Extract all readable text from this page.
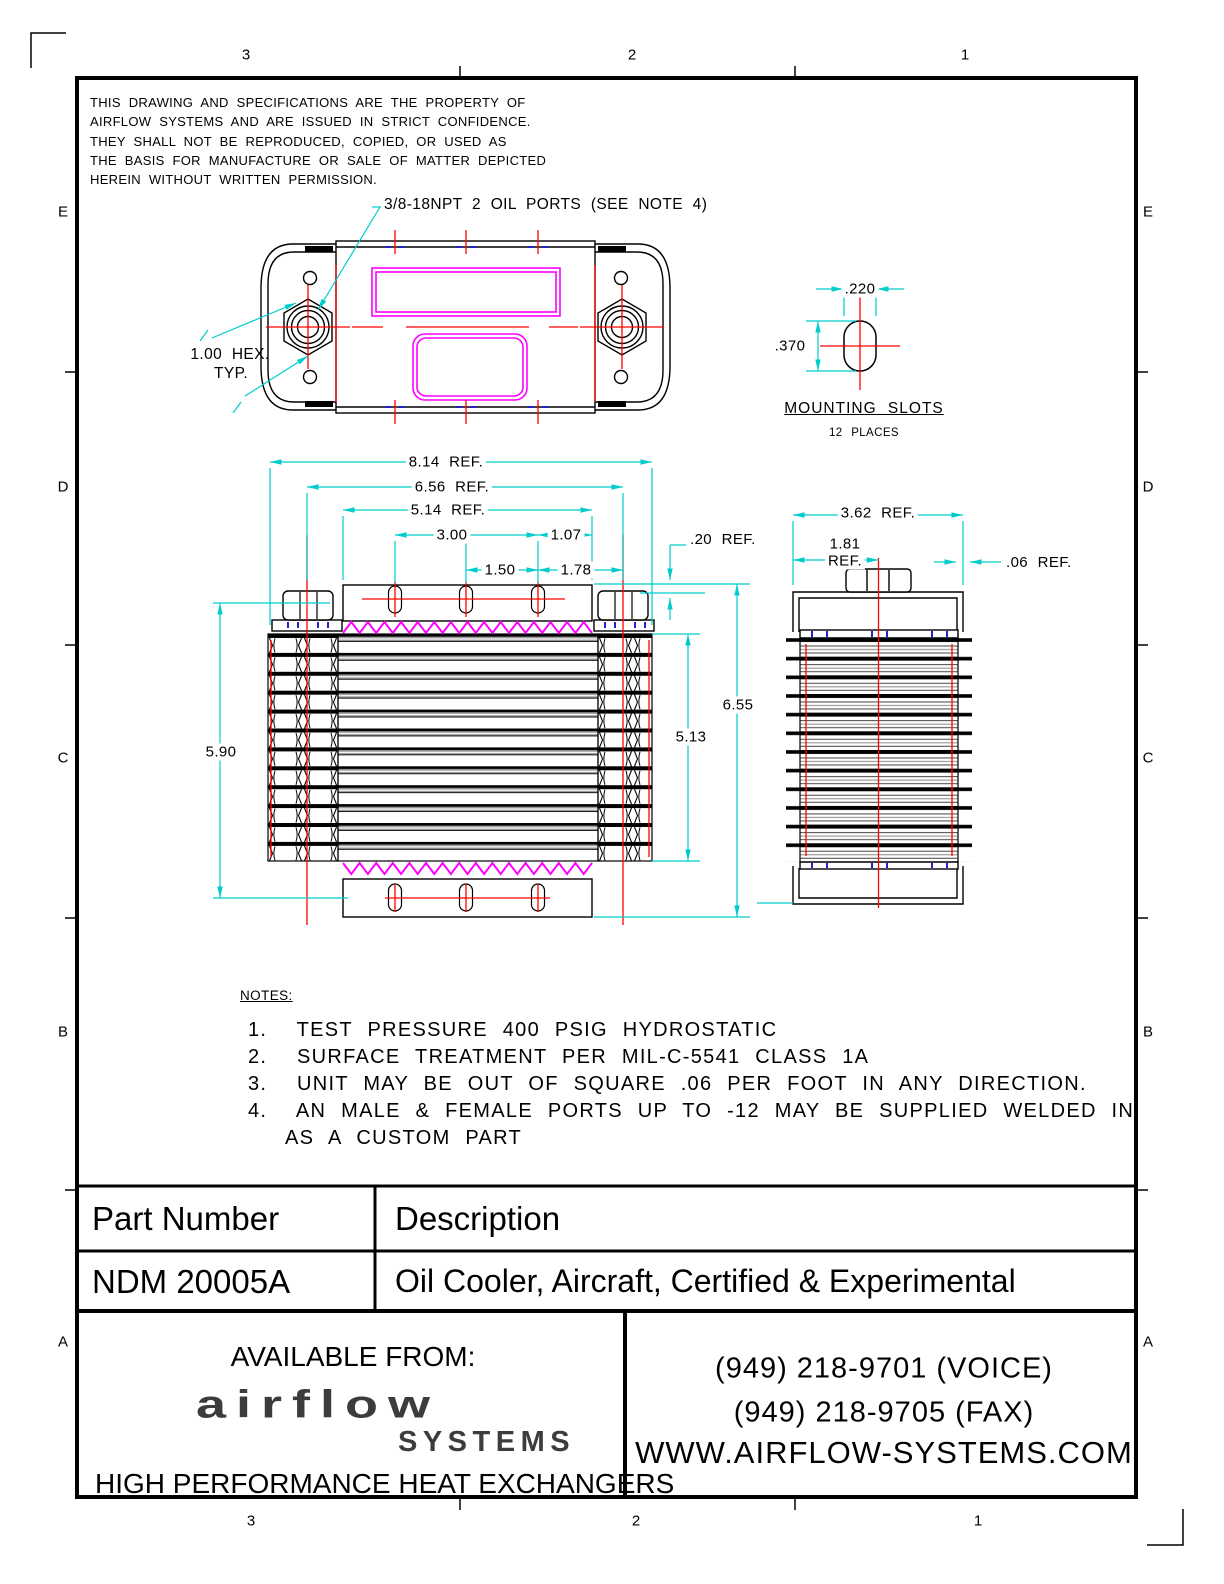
E
D
C
B
A
E
D
C
B
A
3	2	1
3	2	1
THIS DRAWING AND SPECIFICATIONS ARE THE PROPERTY OF
AIRFLOW SYSTEMS AND ARE ISSUED IN STRICT CONFIDENCE.
THEY SHALL NOT BE REPRODUCED, COPIED, OR USED AS
THE BASIS FOR MANUFACTURE OR SALE OF MATTER DEPICTED
HEREIN WITHOUT WRITTEN PERMISSION.
3/8-18NPT 2 OIL PORTS (SEE NOTE 4)
1.00 HEX.
TYP.
.220
.370
MOUNTING SLOTS
12 PLACES
8.14 REF.
6.56 REF.
5.14 REF.
3.00	1.07
1.50	1.78
.20 REF.
5.90
5.13
6.55
3.62 REF.
1.81
REF.	.06 REF.
NOTES:
1.  TEST PRESSURE 400 PSIG HYDROSTATIC
2.  SURFACE TREATMENT PER MIL-C-5541 CLASS 1A
3.  UNIT MAY BE OUT OF SQUARE .06 PER FOOT IN ANY DIRECTION.
4.  AN MALE & FEMALE PORTS UP TO -12 MAY BE SUPPLIED WELDED IN
AS A CUSTOM PART
Part Number	Description
NDM 20005A	Oil Cooler, Aircraft, Certified & Experimental
AVAILABLE FROM:
airflow
SYSTEMS
HIGH PERFORMANCE HEAT EXCHANGERS
(949) 218-9701 (VOICE)
(949) 218-9705 (FAX)
WWW.AIRFLOW-SYSTEMS.COM
